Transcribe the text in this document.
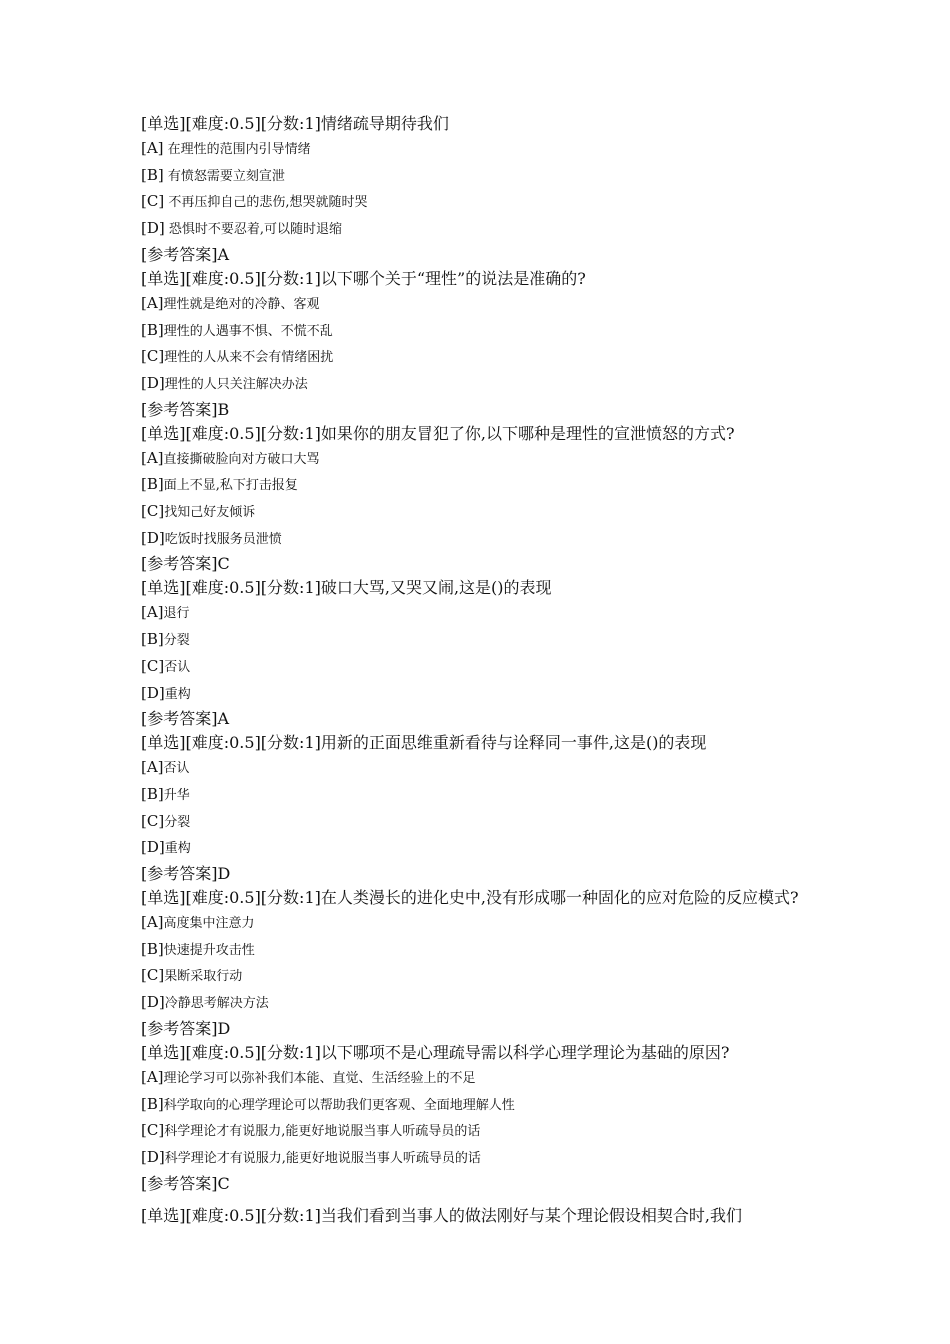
[单选][难度:0.5][分数:1]情绪疏导期待我们

[A] 在理性的范围内引导情绪

[B] 有愤怒需要立刻宣泄

[C] 不再压抑自己的悲伤,想哭就随时哭

[D] 恐惧时不要忍着,可以随时退缩

[参考答案]A

[单选][难度:0.5][分数:1]以下哪个关于“理性”的说法是准确的?

[A]理性就是绝对的冷静、客观

[B]理性的人遇事不惧、不慌不乱

[C]理性的人从来不会有情绪困扰

[D]理性的人只关注解决办法

[参考答案]B

[单选][难度:0.5][分数:1]如果你的朋友冒犯了你,以下哪种是理性的宣泄愤怒的方式?

[A]直接撕破脸向对方破口大骂

[B]面上不显,私下打击报复

[C]找知己好友倾诉

[D]吃饭时找服务员泄愤

[参考答案]C

[单选][难度:0.5][分数:1]破口大骂,又哭又闹,这是()的表现

[A]退行

[B]分裂

[C]否认

[D]重构

[参考答案]A

[单选][难度:0.5][分数:1]用新的正面思维重新看待与诠释同一事件,这是()的表现

[A]否认

[B]升华

[C]分裂

[D]重构

[参考答案]D

[单选][难度:0.5][分数:1]在人类漫长的进化史中,没有形成哪一种固化的应对危险的反应模式?

[A]高度集中注意力

[B]快速提升攻击性

[C]果断采取行动

[D]冷静思考解决方法

[参考答案]D

[单选][难度:0.5][分数:1]以下哪项不是心理疏导需以科学心理学理论为基础的原因?

[A]理论学习可以弥补我们本能、直觉、生活经验上的不足

[B]科学取向的心理学理论可以帮助我们更客观、全面地理解人性

[C]科学理论才有说服力,能更好地说服当事人听疏导员的话

[D]科学理论才有说服力,能更好地说服当事人听疏导员的话

[参考答案]C

[单选][难度:0.5][分数:1]当我们看到当事人的做法刚好与某个理论假设相契合时,我们
